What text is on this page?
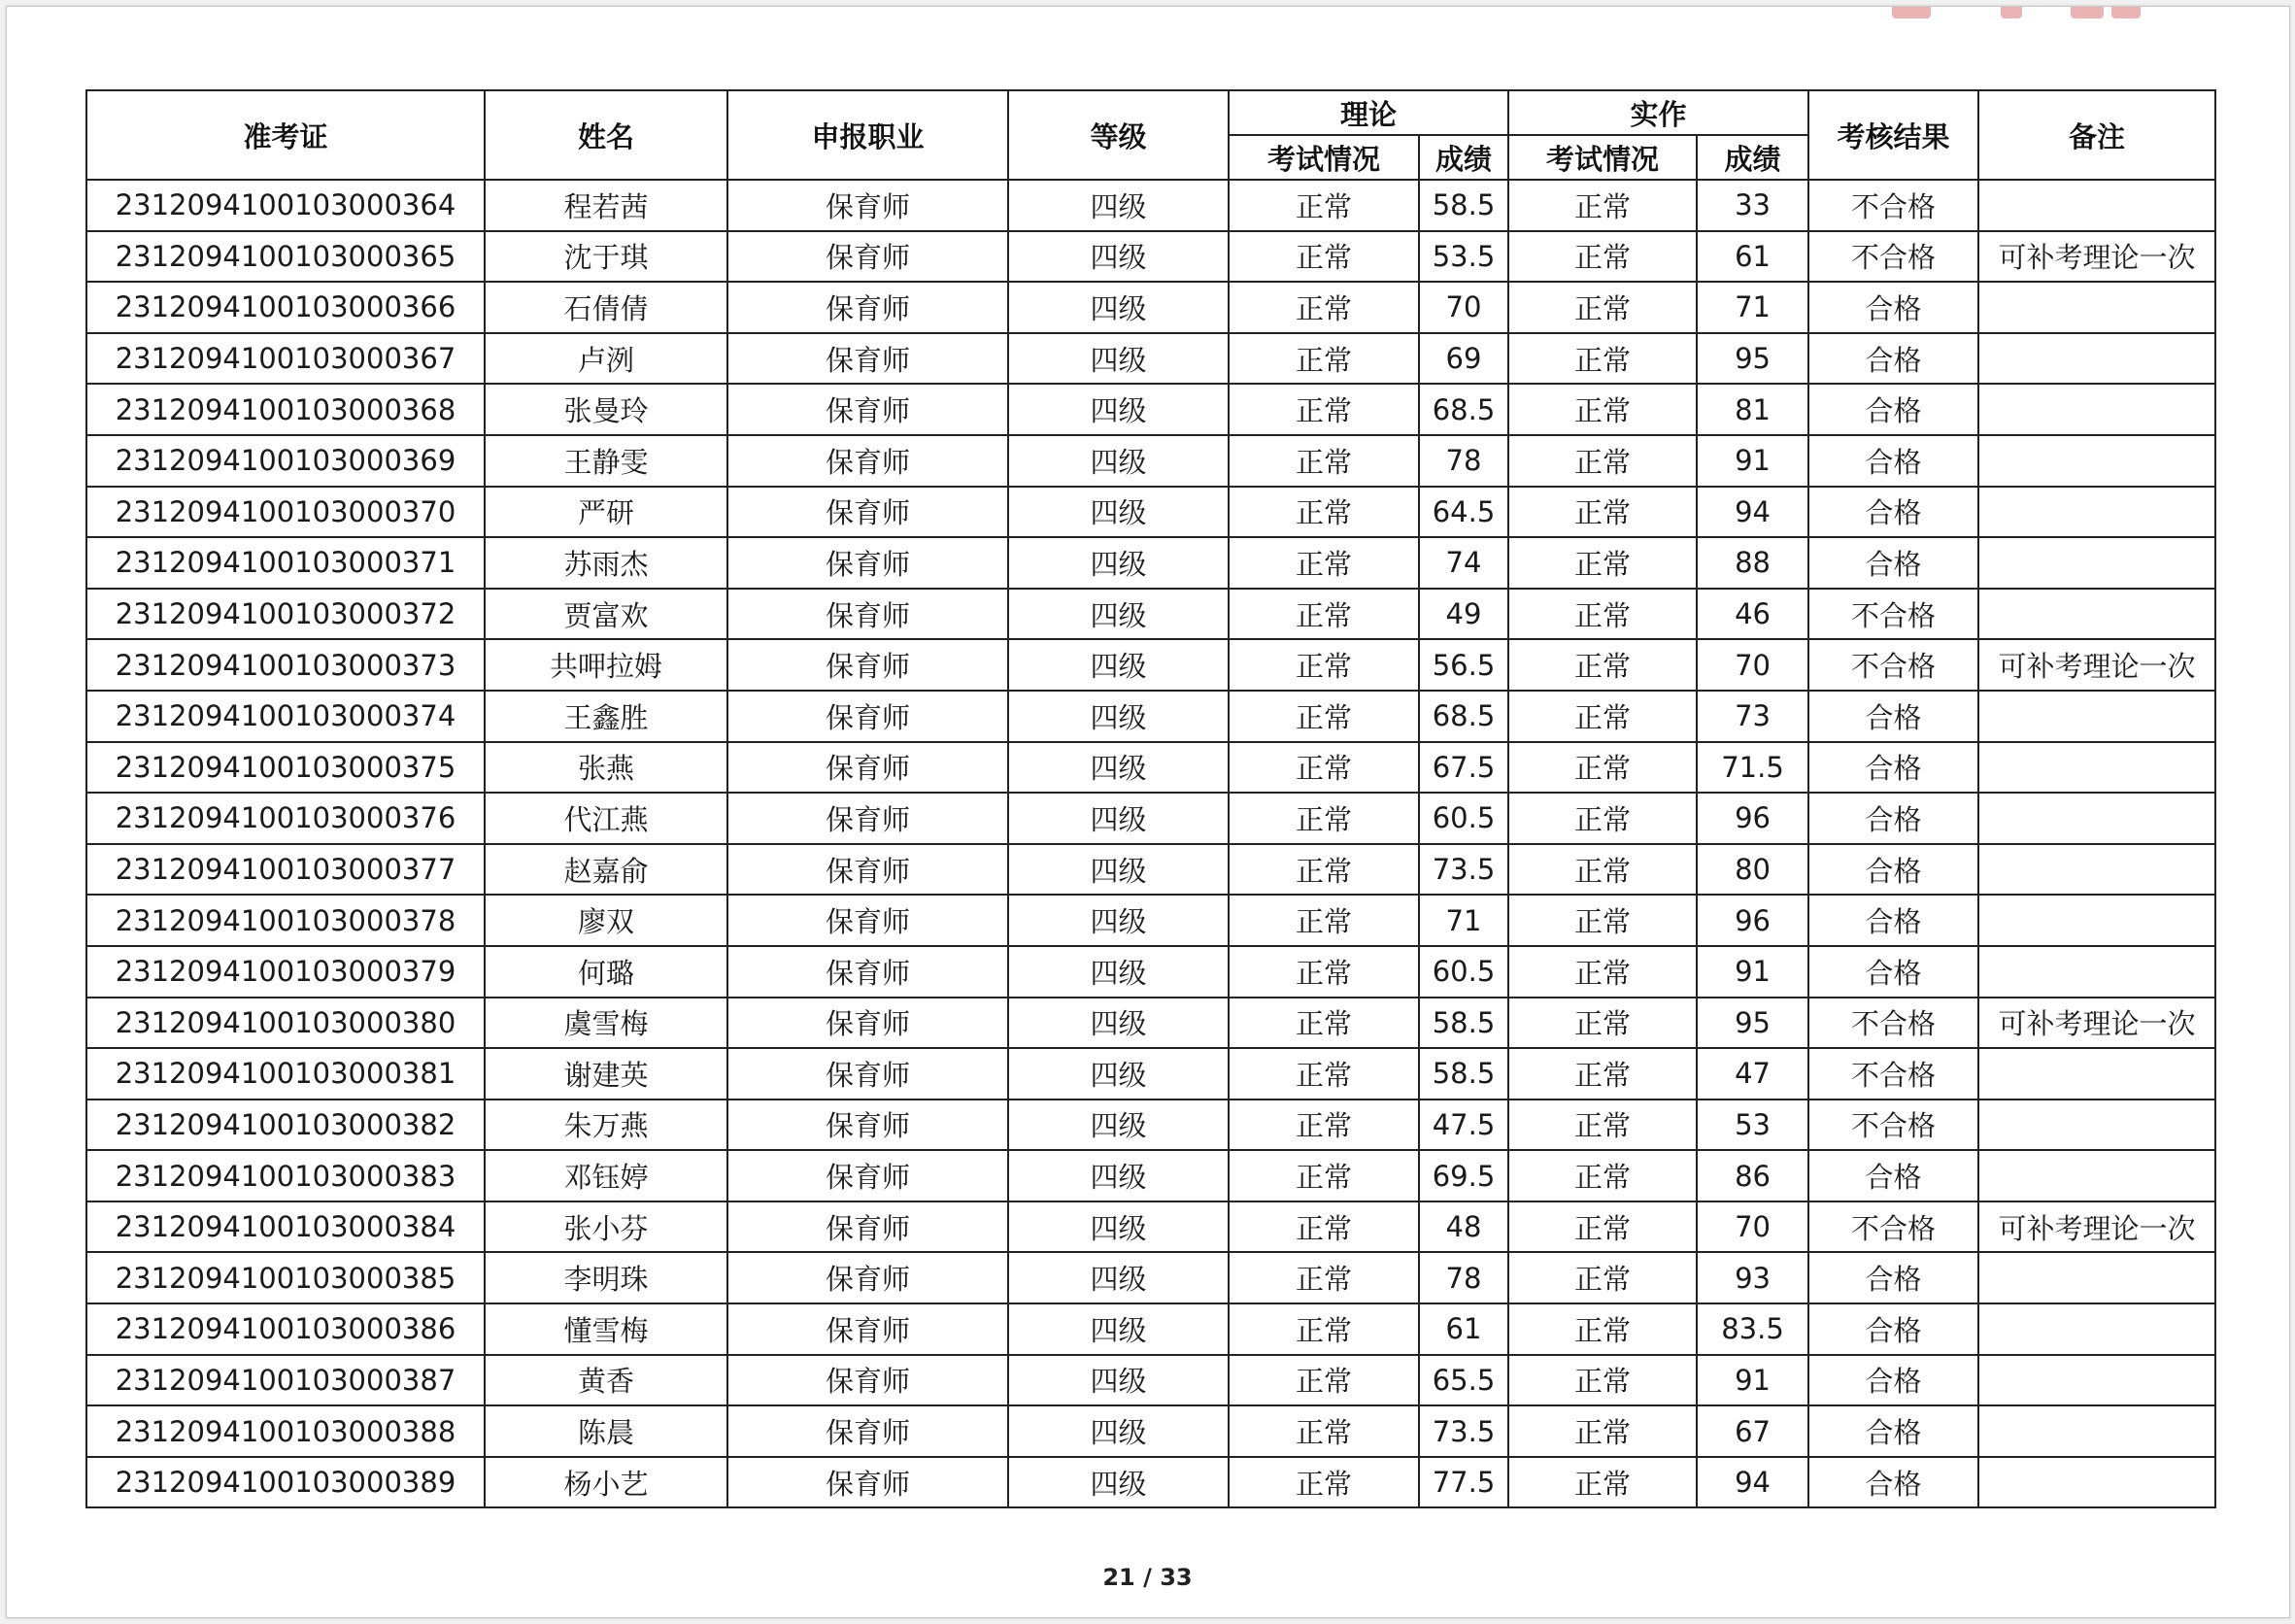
准考证	姓名	申报职业	等级	理论		实作		考核结果	备注
				考试情况	成绩	考试情况	成绩		
2312094100103000364	程若茜	保育师	四级	正常	58.5	正常	33	不合格	
2312094100103000365	沈于琪	保育师	四级	正常	53.5	正常	61	不合格	可补考理论一次
2312094100103000366	石倩倩	保育师	四级	正常	70	正常	71	合格	
2312094100103000367	卢洌	保育师	四级	正常	69	正常	95	合格	
2312094100103000368	张曼玲	保育师	四级	正常	68.5	正常	81	合格	
2312094100103000369	王静雯	保育师	四级	正常	78	正常	91	合格	
2312094100103000370	严研	保育师	四级	正常	64.5	正常	94	合格	
2312094100103000371	苏雨杰	保育师	四级	正常	74	正常	88	合格	
2312094100103000372	贾富欢	保育师	四级	正常	49	正常	46	不合格	
2312094100103000373	共呷拉姆	保育师	四级	正常	56.5	正常	70	不合格	可补考理论一次
2312094100103000374	王鑫胜	保育师	四级	正常	68.5	正常	73	合格	
2312094100103000375	张燕	保育师	四级	正常	67.5	正常	71.5	合格	
2312094100103000376	代江燕	保育师	四级	正常	60.5	正常	96	合格	
2312094100103000377	赵嘉俞	保育师	四级	正常	73.5	正常	80	合格	
2312094100103000378	廖双	保育师	四级	正常	71	正常	96	合格	
2312094100103000379	何璐	保育师	四级	正常	60.5	正常	91	合格	
2312094100103000380	虞雪梅	保育师	四级	正常	58.5	正常	95	不合格	可补考理论一次
2312094100103000381	谢建英	保育师	四级	正常	58.5	正常	47	不合格	
2312094100103000382	朱万燕	保育师	四级	正常	47.5	正常	53	不合格	
2312094100103000383	邓钰婷	保育师	四级	正常	69.5	正常	86	合格	
2312094100103000384	张小芬	保育师	四级	正常	48	正常	70	不合格	可补考理论一次
2312094100103000385	李明珠	保育师	四级	正常	78	正常	93	合格	
2312094100103000386	懂雪梅	保育师	四级	正常	61	正常	83.5	合格	
2312094100103000387	黄香	保育师	四级	正常	65.5	正常	91	合格	
2312094100103000388	陈晨	保育师	四级	正常	73.5	正常	67	合格	
2312094100103000389	杨小艺	保育师	四级	正常	77.5	正常	94	合格	
21 / 33
